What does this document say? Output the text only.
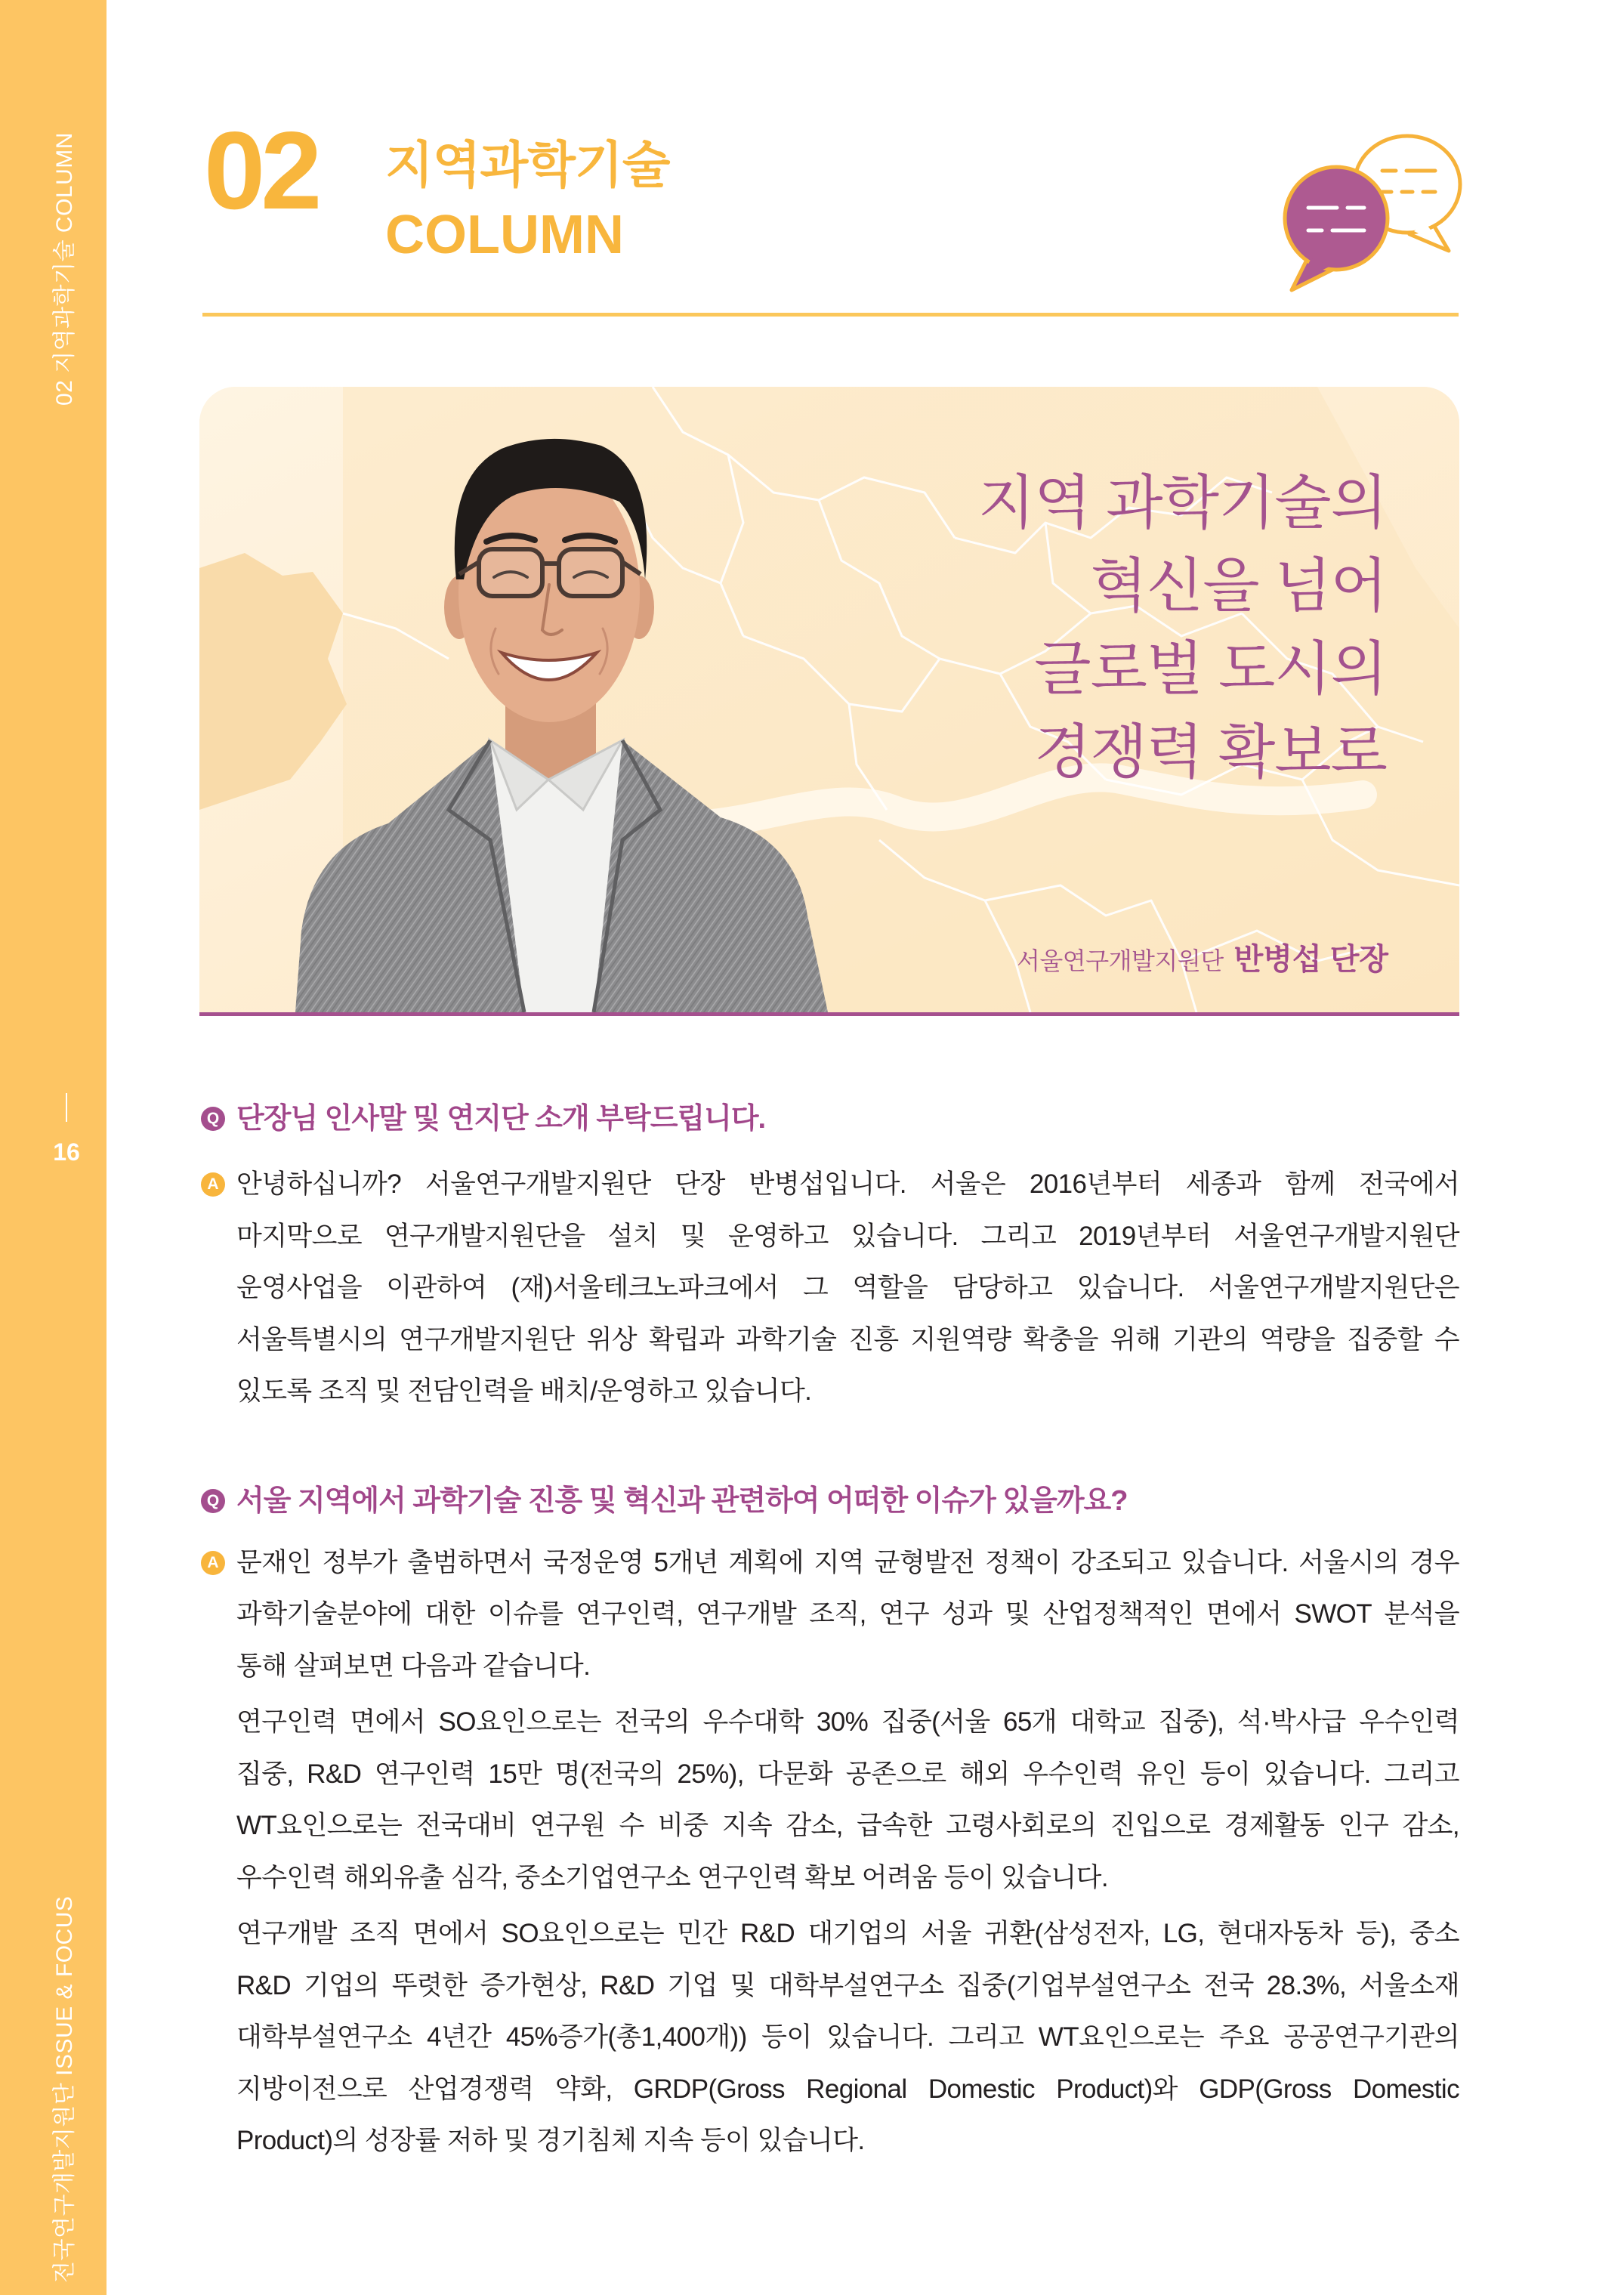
02 지역과학기술 COLUMN
16
전국연구개발지원단 ISSUE & FOCUS
02 지역과학기술
COLUMN
지역 과학기술의
혁신을 넘어
글로벌 도시의
경쟁력 확보로
서울연구개발지원단 반병섭 단장
Q 단장님 인사말 및 연지단 소개 부탁드립니다.
A 안녕하십니까? 서울연구개발지원단 단장 반병섭입니다. 서울은 2016년부터 세종과 함께 전국에서
마지막으로 연구개발지원단을 설치 및 운영하고 있습니다. 그리고 2019년부터 서울연구개발지원단
운영사업을 이관하여 (재)서울테크노파크에서 그 역할을 담당하고 있습니다. 서울연구개발지원단은
서울특별시의 연구개발지원단 위상 확립과 과학기술 진흥 지원역량 확충을 위해 기관의 역량을 집중할 수
있도록 조직 및 전담인력을 배치/운영하고 있습니다.
Q 서울 지역에서 과학기술 진흥 및 혁신과 관련하여 어떠한 이슈가 있을까요?
A 문재인 정부가 출범하면서 국정운영 5개년 계획에 지역 균형발전 정책이 강조되고 있습니다. 서울시의 경우
과학기술분야에 대한 이슈를 연구인력, 연구개발 조직, 연구 성과 및 산업정책적인 면에서 SWOT 분석을
통해 살펴보면 다음과 같습니다.
연구인력 면에서 SO요인으로는 전국의 우수대학 30% 집중(서울 65개 대학교 집중), 석·박사급 우수인력
집중, R&D 연구인력 15만 명(전국의 25%), 다문화 공존으로 해외 우수인력 유인 등이 있습니다. 그리고
WT요인으로는 전국대비 연구원 수 비중 지속 감소, 급속한 고령사회로의 진입으로 경제활동 인구 감소,
우수인력 해외유출 심각, 중소기업연구소 연구인력 확보 어려움 등이 있습니다.
연구개발 조직 면에서 SO요인으로는 민간 R&D 대기업의 서울 귀환(삼성전자, LG, 현대자동차 등), 중소
R&D 기업의 뚜렷한 증가현상, R&D 기업 및 대학부설연구소 집중(기업부설연구소 전국 28.3%, 서울소재
대학부설연구소 4년간 45%증가(총1,400개)) 등이 있습니다. 그리고 WT요인으로는 주요 공공연구기관의
지방이전으로 산업경쟁력 약화, GRDP(Gross Regional Domestic Product)와 GDP(Gross Domestic
Product)의 성장률 저하 및 경기침체 지속 등이 있습니다.
